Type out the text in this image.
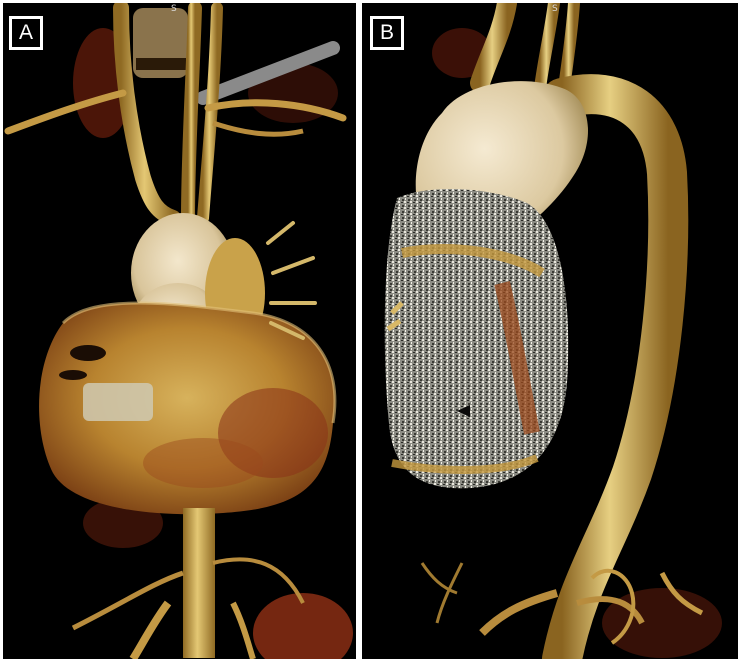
A
S
B
S
